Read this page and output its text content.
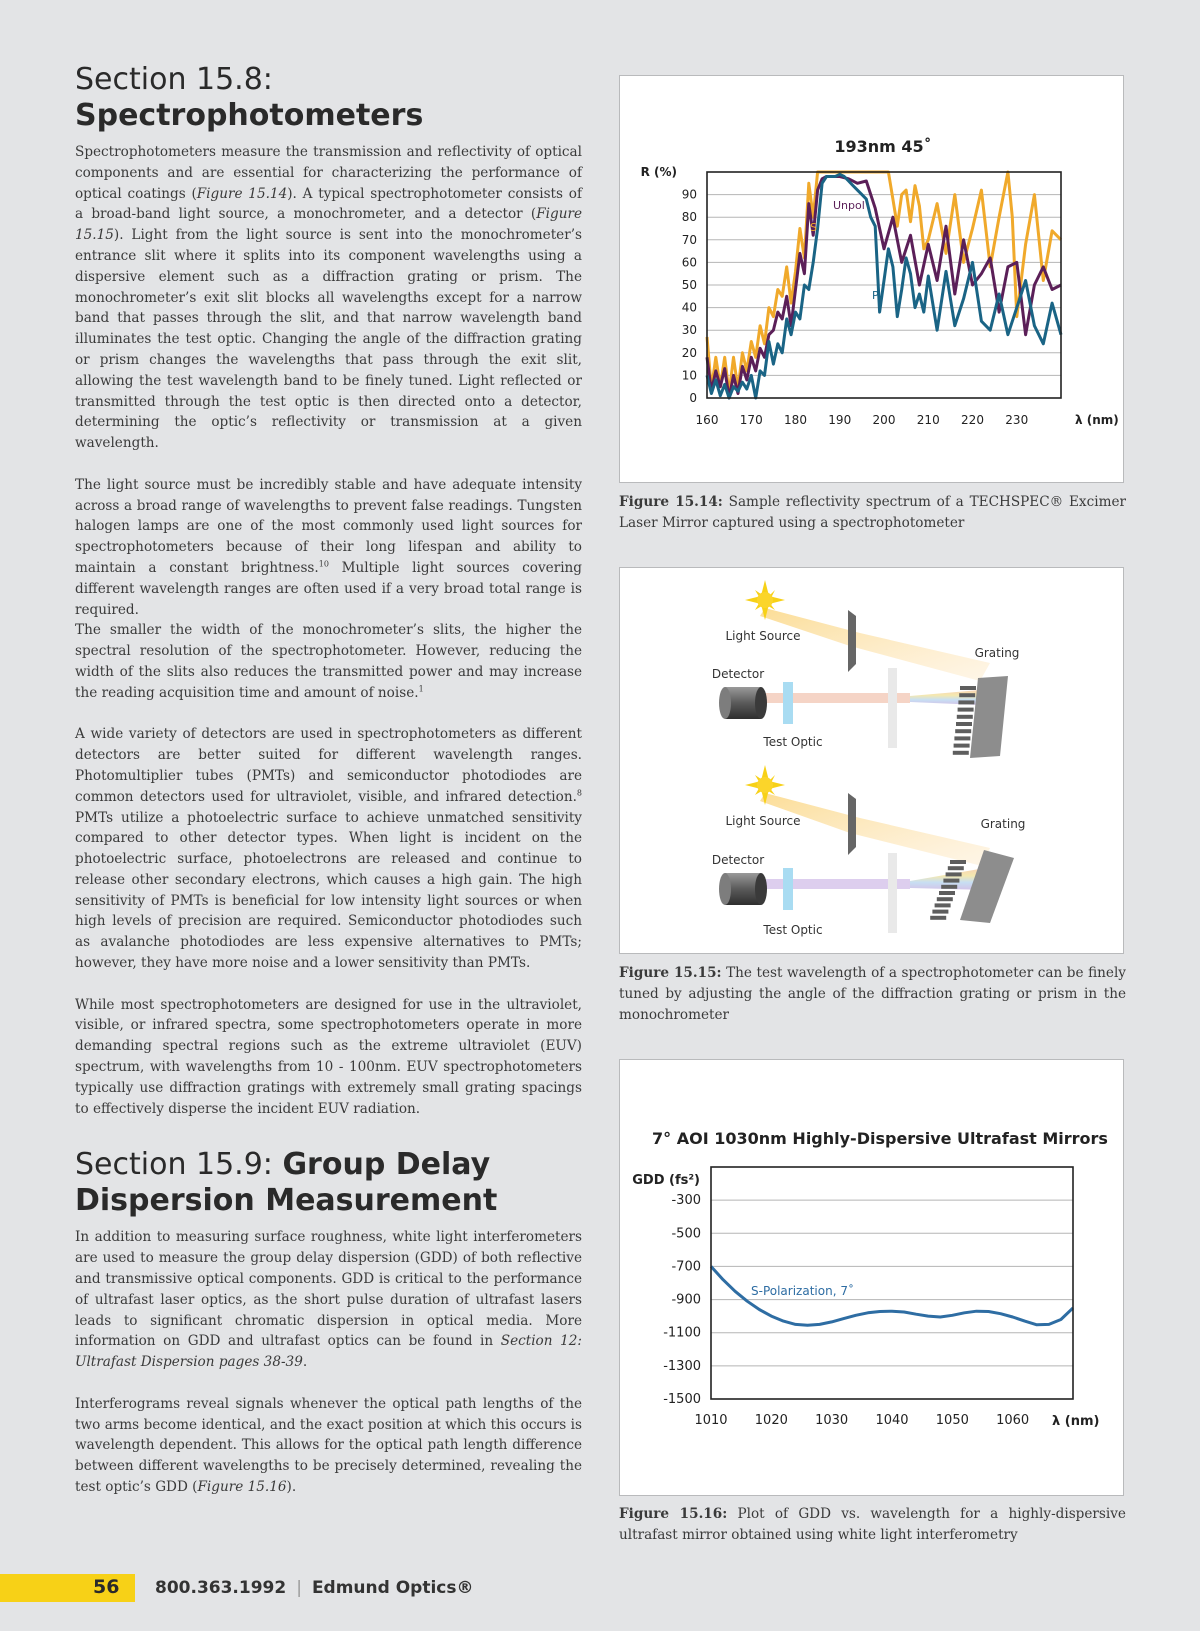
Section 15.8: Spectrophotometers

Spectrophotometers measure the transmission and reflectivity of optical components and are essential for characterizing the performance of optical coatings (Figure 15.14). A typical spectrophotometer consists of a broad-band light source, a monochrometer, and a detector (Figure 15.15). Light from the light source is sent into the monochrometer’s entrance slit where it splits into its component wavelengths using a dispersive element such as a diffraction grating or prism. The monochrometer’s exit slit blocks all wavelengths except for a narrow band that passes through the slit, and that narrow wavelength band illuminates the test optic. Changing the angle of the diffraction grating or prism changes the wavelengths that pass through the exit slit, allowing the test wavelength band to be finely tuned. Light reflected or transmitted through the test optic is then directed onto a detector, determining the optic’s reflectivity or transmission at a given wavelength.

The light source must be incredibly stable and have adequate intensity across a broad range of wavelengths to prevent false readings. Tungsten halogen lamps are one of the most commonly used light sources for spectrophotometers because of their long lifespan and ability to maintain a constant brightness.$^{10}$ Multiple light sources covering different wavelength ranges are often used if a very broad total range is required.

The smaller the width of the monochrometer’s slits, the higher the spectral resolution of the spectrophotometer. However, reducing the width of the slits also reduces the transmitted power and may increase the reading acquisition time and amount of noise.$^1$

A wide variety of detectors are used in spectrophotometers as different detectors are better suited for different wavelength ranges. Photomultiplier tubes (PMTs) and semiconductor photodiodes are common detectors used for ultraviolet, visible, and infrared detection.$^8$ PMTs utilize a photoelectric surface to achieve unmatched sensitivity compared to other detector types. When light is incident on the photoelectric surface, photoelectrons are released and continue to release other secondary electrons, which causes a high gain. The high sensitivity of PMTs is beneficial for low intensity light sources or when high levels of precision are required. Semiconductor photodiodes such as avalanche photodiodes are less expensive alternatives to PMTs; however, they have more noise and a lower sensitivity than PMTs.

While most spectrophotometers are designed for use in the ultraviolet, visible, or infrared spectra, some spectrophotometers operate in more demanding spectral regions such as the extreme ultraviolet (EUV) spectrum, with wavelengths from 10 - 100nm. EUV spectrophotometers typically use diffraction gratings with extremely small grating spacings to effectively disperse the incident EUV radiation.

Section 15.9: Group Delay
Dispersion Measurement

In addition to measuring surface roughness, white light interferometers are used to measure the group delay dispersion (GDD) of both reflective and transmissive optical components. GDD is critical to the performance of ultrafast laser optics, as the short pulse duration of ultrafast lasers leads to significant chromatic dispersion in optical media. More information on GDD and ultrafast optics can be found in Section 12: Ultrafast Dispersion pages 38-39.

Interferograms reveal signals whenever the optical path lengths of the two arms become identical, and the exact position at which this occurs is wavelength dependent. This allows for the optical path length difference between different wavelengths to be precisely determined, revealing the test optic’s GDD (Figure 15.16).

193nm 45˚
R (%)
λ (nm)
0
10
20
30
40
50
60
70
80
90
160 170 180 190 200 210 220 230
S
Unpol
P

Figure 15.14: Sample reflectivity spectrum of a TECHSPEC® Excimer Laser Mirror captured using a spectrophotometer

Light Source
Detector
Test Optic
Grating
Light Source
Detector
Test Optic
Grating

Figure 15.15: The test wavelength of a spectrophotometer can be finely tuned by adjusting the angle of the diffraction grating or prism in the monochrometer

7° AOI 1030nm Highly-Dispersive Ultrafast Mirrors
GDD (fs²)
λ (nm)
-300
-500
-700
-900
-1100
-1300
-1500
1010 1020 1030 1040 1050 1060
S-Polarization, 7˚

Figure 15.16: Plot of GDD vs. wavelength for a highly-dispersive ultrafast mirror obtained using white light interferometry

56 800.363.1992 | Edmund Optics®
